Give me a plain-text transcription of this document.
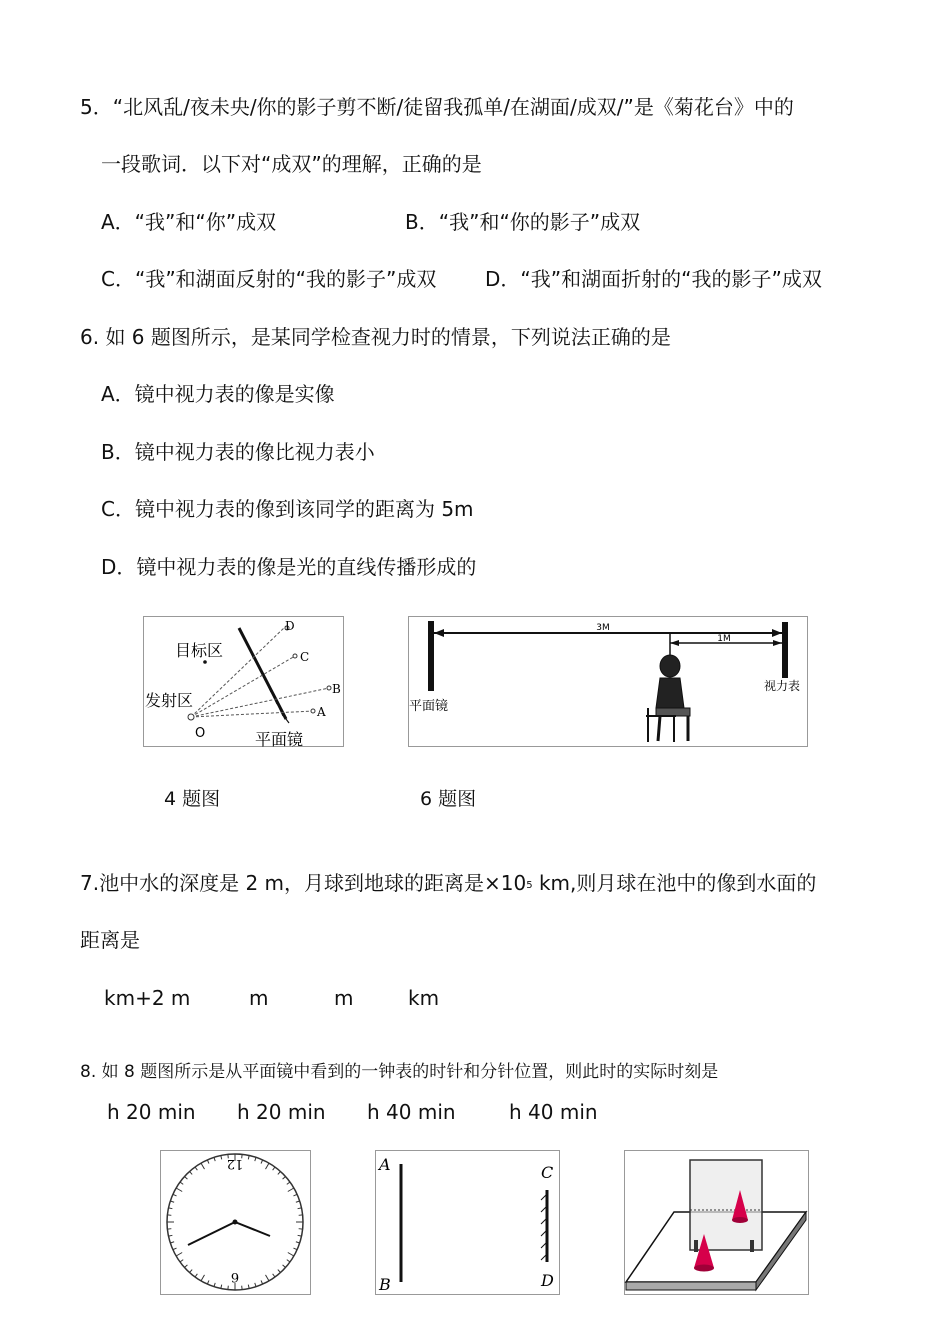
5．“北风乱/夜未央/你的影子剪不断/徒留我孤单/在湖面/成双/”是《菊花台》中的
一段歌词．以下对“成双”的理解，正确的是
A．“我”和“你”成双	B．“我”和“你的影子”成双
C．“我”和湖面反射的“我的影子”成双 D．“我”和湖面折射的“我的影子”成双
6. 如 6 题图所示，是某同学检查视力时的情景，下列说法正确的是
A．镜中视力表的像是实像
B．镜中视力表的像比视力表小
C．镜中视力表的像到该同学的距离为 5m
D．镜中视力表的像是光的直线传播形成的
目标区
发射区
O	平面镜
D
C
B
A
3M
1M
平面镜
视力表
4 题图	6 题图
7.池中水的深度是 2 m，月球到地球的距离是$\times 10^5$ km,则月球在池中的像到水面的
距离是
km+2 m	m	m	km
8. 如 8 题图所示是从平面镜中看到的一钟表的时针和分针位置，则此时的实际时刻是
h 20 min h 20 min h 40 min	h 40 min
12
6
A
B
C
D
